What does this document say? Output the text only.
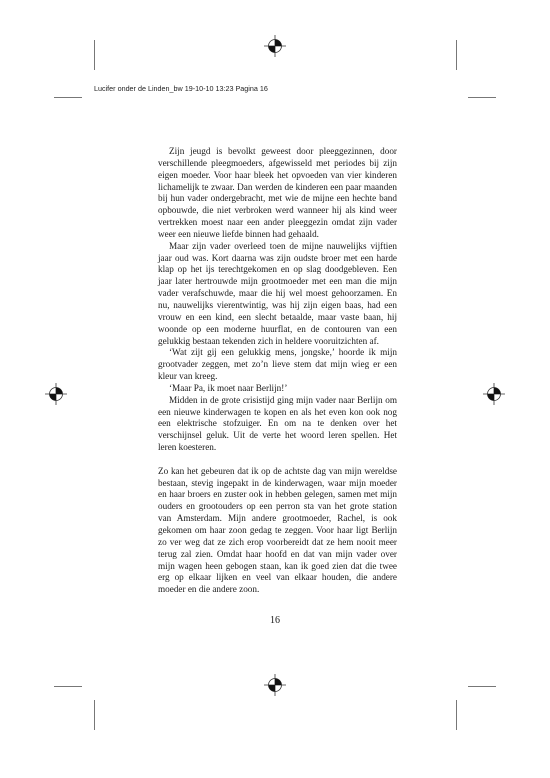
Lucifer onder de Linden_bw 19-10-10 13:23 Pagina 16

Zijn jeugd is bevolkt geweest door pleeggezinnen, door verschillende pleegmoeders, afgewisseld met periodes bij zijn eigen moeder. Voor haar bleek het opvoeden van vier kinderen lichamelijk te zwaar. Dan werden de kinderen een paar maanden bij hun vader ondergebracht, met wie de mijne een hechte band opbouwde, die niet verbroken werd wanneer hij als kind weer vertrekken moest naar een ander pleeggezin omdat zijn vader weer een nieuwe liefde binnen had gehaald.

Maar zijn vader overleed toen de mijne nauwelijks vijftien jaar oud was. Kort daarna was zijn oudste broer met een harde klap op het ijs terechtgekomen en op slag doodgebleven. Een jaar later hertrouwde mijn grootmoeder met een man die mijn vader verafschuwde, maar die hij wel moest gehoorzamen. En nu, nauwelijks vierentwintig, was hij zijn eigen baas, had een vrouw en een kind, een slecht betaalde, maar vaste baan, hij woonde op een moderne huurflat, en de contouren van een gelukkig bestaan tekenden zich in heldere vooruitzichten af.

‘Wat zijt gij een gelukkig mens, jongske,’ hoorde ik mijn grootvader zeggen, met zo’n lieve stem dat mijn wieg er een kleur van kreeg.

‘Maar Pa, ik moet naar Berlijn!’

Midden in de grote crisistijd ging mijn vader naar Berlijn om een nieuwe kinderwagen te kopen en als het even kon ook nog een elektrische stofzuiger. En om na te denken over het verschijnsel geluk. Uit de verte het woord leren spellen. Het leren koesteren.

Zo kan het gebeuren dat ik op de achtste dag van mijn wereldse bestaan, stevig ingepakt in de kinderwagen, waar mijn moeder en haar broers en zuster ook in hebben gelegen, samen met mijn ouders en grootouders op een perron sta van het grote station van Amsterdam. Mijn andere grootmoeder, Rachel, is ook gekomen om haar zoon gedag te zeggen. Voor haar ligt Berlijn zo ver weg dat ze zich erop voorbereidt dat ze hem nooit meer terug zal zien. Omdat haar hoofd en dat van mijn vader over mijn wagen heen gebogen staan, kan ik goed zien dat die twee erg op elkaar lijken en veel van elkaar houden, die andere moeder en die andere zoon.

16
